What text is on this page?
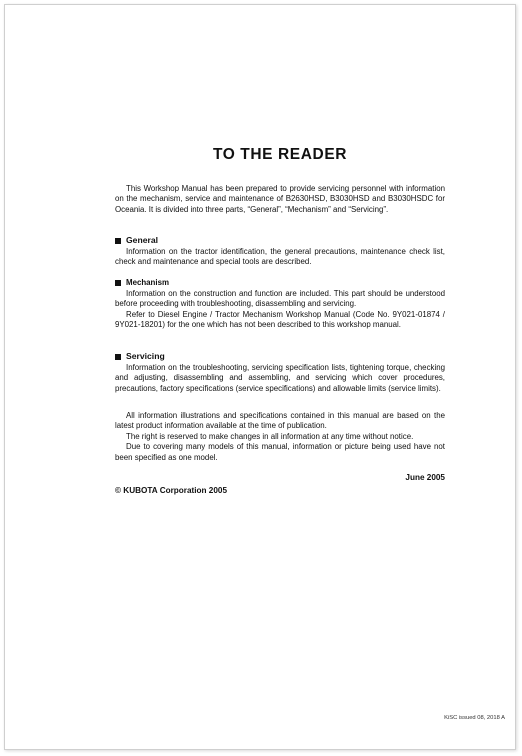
TO THE READER

This Workshop Manual has been prepared to provide servicing personnel with information on the mechanism, service and maintenance of B2630HSD, B3030HSD and B3030HSDC for Oceania. It is divided into three parts, “General”, “Mechanism” and “Servicing”.

General

Information on the tractor identification, the general precautions, maintenance check list, check and maintenance and special tools are described.

Mechanism

Information on the construction and function are included. This part should be understood before proceeding with troubleshooting, disassembling and servicing.

Refer to Diesel Engine / Tractor Mechanism Workshop Manual (Code No. 9Y021-01874 / 9Y021-18201) for the one which has not been described to this workshop manual.

Servicing

Information on the troubleshooting, servicing specification lists, tightening torque, checking and adjusting, disassembling and assembling, and servicing which cover procedures, precautions, factory specifications (service specifications) and allowable limits (service limits).

All information illustrations and specifications contained in this manual are based on the latest product information available at the time of publication.

The right is reserved to make changes in all information at any time without notice.

Due to covering many models of this manual, information or picture being used have not been specified as one model.

June 2005

© KUBOTA Corporation 2005

KiSC issued 08, 2018 A
